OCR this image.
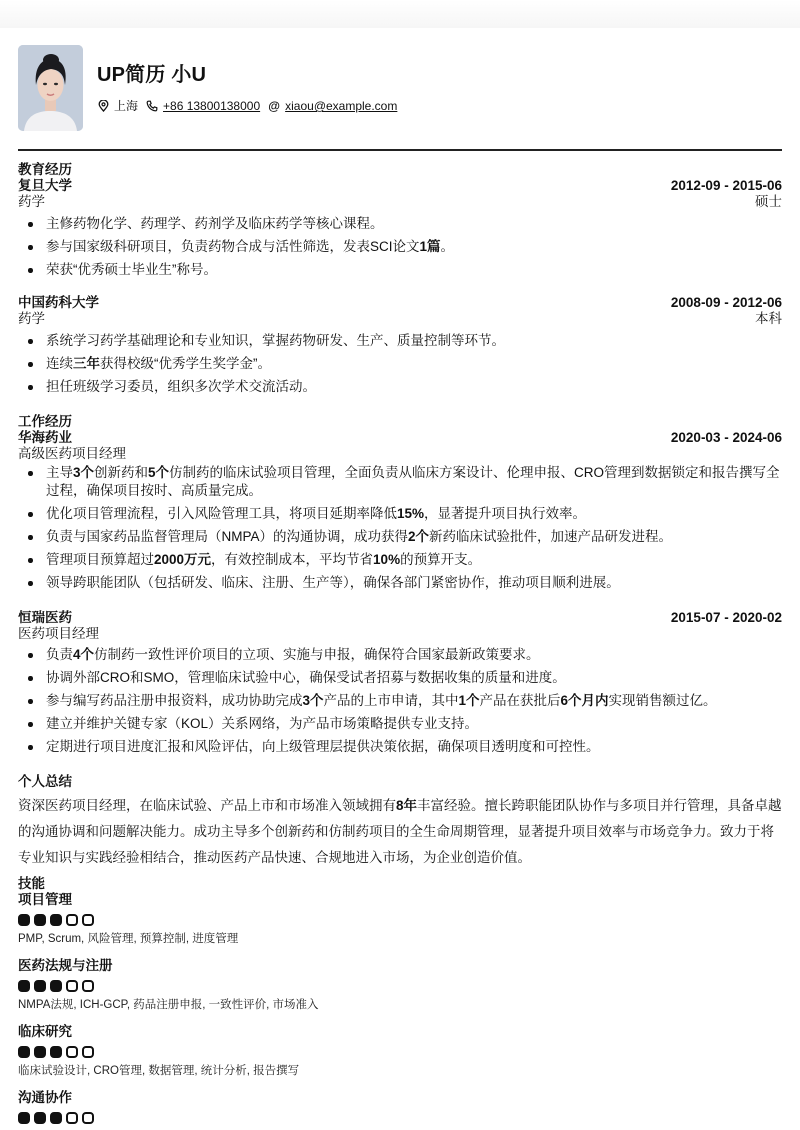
UP简历 小U
上海 +86 13800138000 @ xiaou@example.com
教育经历
复旦大学	2012-09 - 2015-06
药学	硕士
主修药物化学、药理学、药剂学及临床药学等核心课程。
参与国家级科研项目，负责药物合成与活性筛选，发表SCI论文1篇。
荣获“优秀硕士毕业生”称号。
中国药科大学	2008-09 - 2012-06
药学	本科
系统学习药学基础理论和专业知识，掌握药物研发、生产、质量控制等环节。
连续三年获得校级“优秀学生奖学金”。
担任班级学习委员，组织多次学术交流活动。
工作经历
华海药业	2020-03 - 2024-06
高级医药项目经理
主导3个创新药和5个仿制药的临床试验项目管理，全面负责从临床方案设计、伦理申报、CRO管理到数据锁定和报告撰写全过程，确保项目按时、高质量完成。
优化项目管理流程，引入风险管理工具，将项目延期率降低15%，显著提升项目执行效率。
负责与国家药品监督管理局（NMPA）的沟通协调，成功获得2个新药临床试验批件，加速产品研发进程。
管理项目预算超过2000万元，有效控制成本，平均节省10%的预算开支。
领导跨职能团队（包括研发、临床、注册、生产等），确保各部门紧密协作，推动项目顺利进展。
恒瑞医药	2015-07 - 2020-02
医药项目经理
负责4个仿制药一致性评价项目的立项、实施与申报，确保符合国家最新政策要求。
协调外部CRO和SMO，管理临床试验中心，确保受试者招募与数据收集的质量和进度。
参与编写药品注册申报资料，成功协助完成3个产品的上市申请，其中1个产品在获批后6个月内实现销售额过亿。
建立并维护关键专家（KOL）关系网络，为产品市场策略提供专业支持。
定期进行项目进度汇报和风险评估，向上级管理层提供决策依据，确保项目透明度和可控性。
个人总结

资深医药项目经理，在临床试验、产品上市和市场准入领域拥有8年丰富经验。擅长跨职能团队协作与多项目并行管理，具备卓越的沟通协调和问题解决能力。成功主导多个创新药和仿制药项目的全生命周期管理，显著提升项目效率与市场竞争力。致力于将专业知识与实践经验相结合，推动医药产品快速、合规地进入市场，为企业创造价值。

技能
项目管理
PMP, Scrum, 风险管理, 预算控制, 进度管理
医药法规与注册
NMPA法规, ICH-GCP, 药品注册申报, 一致性评价, 市场准入
临床研究
临床试验设计, CRO管理, 数据管理, 统计分析, 报告撰写
沟通协作
